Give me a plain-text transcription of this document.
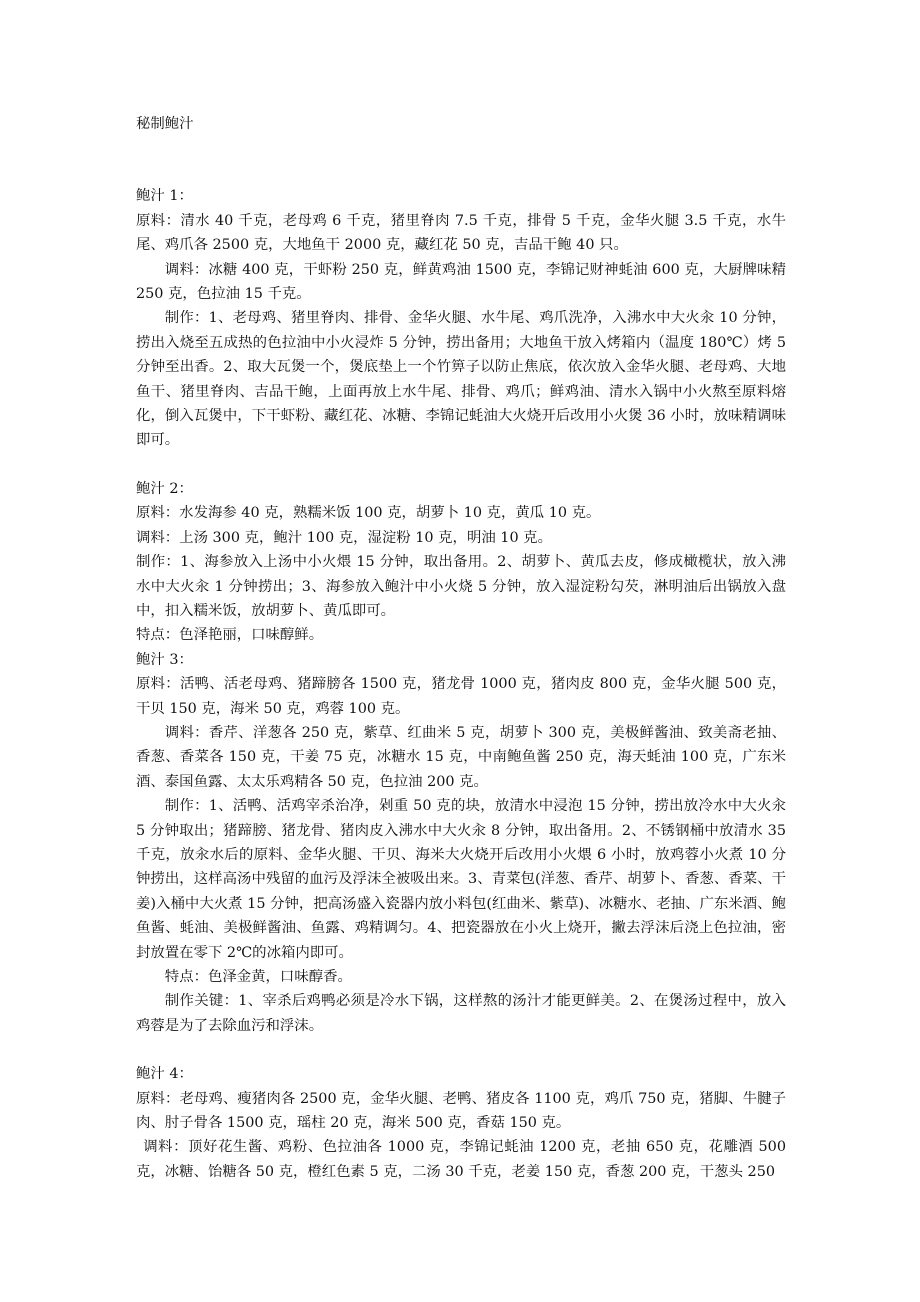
秘制鲍汁

鲍汁 1：

原料：清水 40 千克，老母鸡 6 千克，猪里脊肉 7.5 千克，排骨 5 千克，金华火腿 3.5 千克，水牛尾、鸡爪各 2500 克，大地鱼干 2000 克，藏红花 50 克，吉品干鲍 40 只。

调料：冰糖 400 克，干虾粉 250 克，鲜黄鸡油 1500 克，李锦记财神蚝油 600 克，大厨牌味精 250 克，色拉油 15 千克。

制作：1、老母鸡、猪里脊肉、排骨、金华火腿、水牛尾、鸡爪洗净，入沸水中大火汆 10 分钟，捞出入烧至五成热的色拉油中小火浸炸 5 分钟，捞出备用；大地鱼干放入烤箱内（温度 180℃）烤 5 分钟至出香。2、取大瓦煲一个，煲底垫上一个竹箅子以防止焦底，依次放入金华火腿、老母鸡、大地鱼干、猪里脊肉、吉品干鲍，上面再放上水牛尾、排骨、鸡爪；鲜鸡油、清水入锅中小火熬至原料熔化，倒入瓦煲中，下干虾粉、藏红花、冰糖、李锦记蚝油大火烧开后改用小火煲 36 小时，放味精调味即可。

鲍汁 2：

原料：水发海参 40 克，熟糯米饭 100 克，胡萝卜 10 克，黄瓜 10 克。

调料：上汤 300 克，鲍汁 100 克，湿淀粉 10 克，明油 10 克。

制作：1、海参放入上汤中小火煨 15 分钟，取出备用。2、胡萝卜、黄瓜去皮，修成橄榄状，放入沸水中大火汆 1 分钟捞出；3、海参放入鲍汁中小火烧 5 分钟，放入湿淀粉勾芡，淋明油后出锅放入盘中，扣入糯米饭，放胡萝卜、黄瓜即可。

特点：色泽艳丽，口味醇鲜。

鲍汁 3：

原料：活鸭、活老母鸡、猪蹄膀各 1500 克，猪龙骨 1000 克，猪肉皮 800 克，金华火腿 500 克，干贝 150 克，海米 50 克，鸡蓉 100 克。

调料：香芹、洋葱各 250 克，紫草、红曲米 5 克，胡萝卜 300 克，美极鲜酱油、致美斋老抽、香葱、香菜各 150 克，干姜 75 克，冰糖水 15 克，中南鲍鱼酱 250 克，海天蚝油 100 克，广东米酒、泰国鱼露、太太乐鸡精各 50 克，色拉油 200 克。

制作：1、活鸭、活鸡宰杀治净，剁重 50 克的块，放清水中浸泡 15 分钟，捞出放冷水中大火汆 5 分钟取出；猪蹄膀、猪龙骨、猪肉皮入沸水中大火汆 8 分钟，取出备用。2、不锈钢桶中放清水 35 千克，放汆水后的原料、金华火腿、干贝、海米大火烧开后改用小火煨 6 小时，放鸡蓉小火煮 10 分钟捞出，这样高汤中残留的血污及浮沫全被吸出来。3、青菜包(洋葱、香芹、胡萝卜、香葱、香菜、干姜)入桶中大火煮 15 分钟，把高汤盛入瓷器内放小料包(红曲米、紫草)、冰糖水、老抽、广东米酒、鲍鱼酱、蚝油、美极鲜酱油、鱼露、鸡精调匀。4、把瓷器放在小火上烧开，撇去浮沫后浇上色拉油，密封放置在零下 2℃的冰箱内即可。

特点：色泽金黄，口味醇香。

制作关键：1、宰杀后鸡鸭必须是冷水下锅，这样熬的汤汁才能更鲜美。2、在煲汤过程中，放入鸡蓉是为了去除血污和浮沫。

鲍汁 4：

原料：老母鸡、瘦猪肉各 2500 克，金华火腿、老鸭、猪皮各 1100 克，鸡爪 750 克，猪脚、牛腱子肉、肘子骨各 1500 克，瑶柱 20 克，海米 500 克，香菇 150 克。

调料：顶好花生酱、鸡粉、色拉油各 1000 克，李锦记蚝油 1200 克，老抽 650 克，花雕酒 500 克，冰糖、饴糖各 50 克，橙红色素 5 克，二汤 30 千克，老姜 150 克，香葱 200 克，干葱头 250
